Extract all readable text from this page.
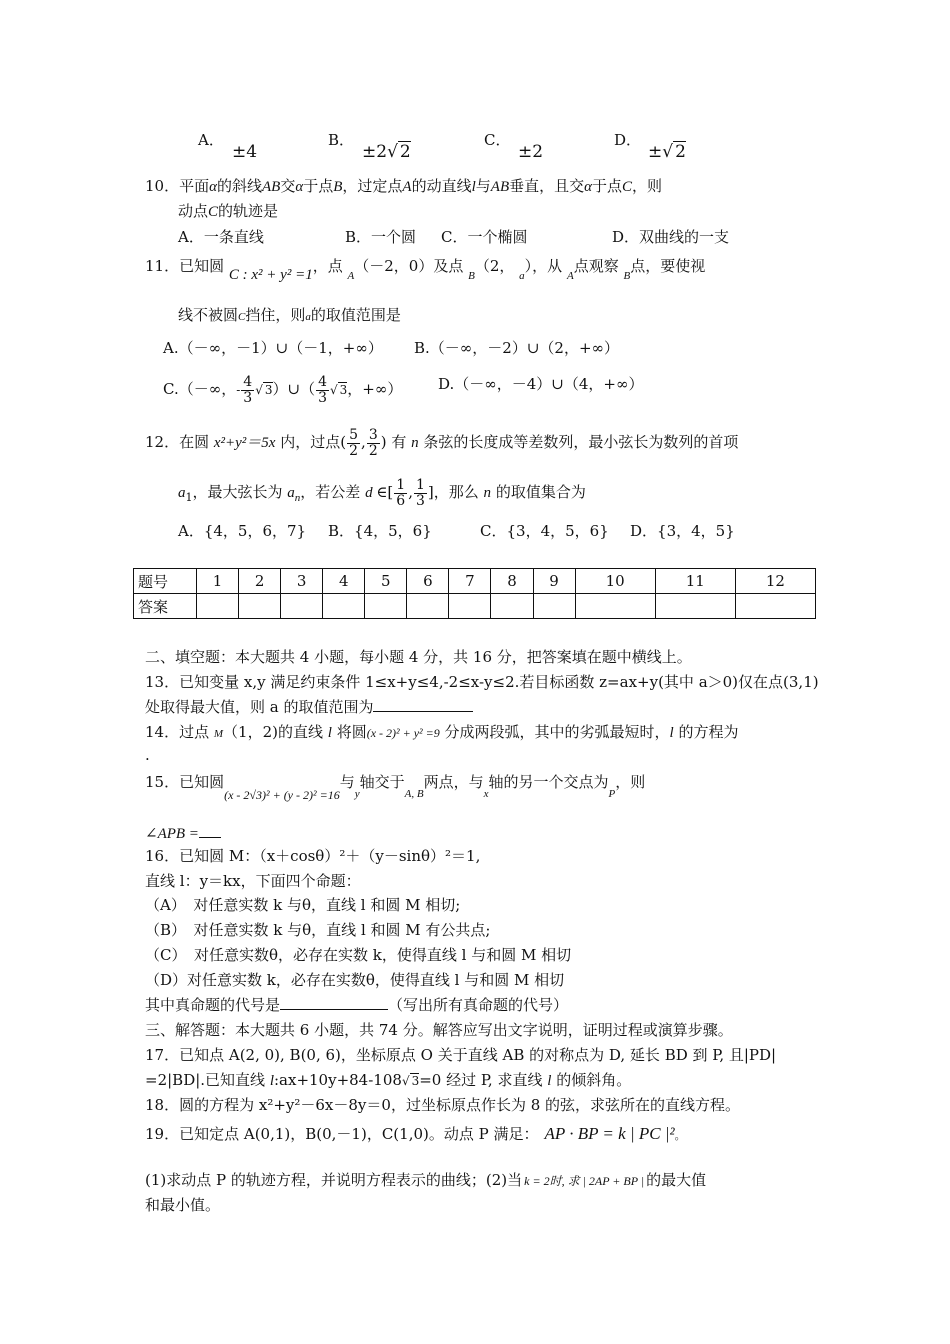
A．
±4
B．
±2√ 2
C．
±2
D．
±√ 2
10．平面α的斜线AB交α于点B，过定点A的动直线l与AB垂直，且交α于点C，则
动点C的轨迹是
A．一条直线	B．一个圆 C．一个椭圆	D．双曲线的一支
11．已知圆 C : x² + y² =1，点 $_A$（－2，0）及点 $_B$（2， $_a$），从 $_A$点观察 $_B$点，要使视
线不被圆C挡住，则a的取值范围是
A.（－∞，－1）∪（－1，+∞） B.（－∞，－2）∪（2，+∞）
C.（－∞，- $\frac{4}{3}$ √ 3）∪（ $\frac{4}{3}$ √ 3，+∞） D.（－∞，－4）∪（4，+∞）
12．在圆 x²+y²＝5x 内，过点( $\frac{5}{2}$ , $\frac{3}{2}$ ) 有 n 条弦的长度成等差数列，最小弦长为数列的首项
$a_1$，最大弦长为 $a_n$，若公差 d ∈[ $\frac{1}{6}$ , $\frac{1}{3}$ ]，那么 n 的取值集合为
A．{4，5，6，7} B．{4，5，6}	C．{3，4，5，6} D．{3，4，5}
题号	1	2	3	4	5	6	7	8	9	10	11	12
答案												
二、填空题：本大题共 4 小题，每小题 4 分，共 16 分，把答案填在题中横线上。
13．已知变量 x,y 满足约束条件 1≤x+y≤4,-2≤x-y≤2.若目标函数 z=ax+y(其中 a＞0)仅在点(3,1)
处取得最大值，则 a 的取值范围为
14．过点 M（1，2)的直线 l 将圆(x - 2)² + y² =9 分成两段弧，其中的劣弧最短时，l 的方程为
.
15．已知圆$_{(x - 2√3)^2 + (y - 2)^2 =16}$与$_y$轴交于$_{A, B}$两点，与$_x$轴的另一个交点为$_P$，则
∠APB =
16．已知圆 M：（x＋cosθ）²＋（y－sinθ）²＝1,
直线 l：y＝kx，下面四个命题：
（A）　对任意实数 k 与θ，直线 l 和圆 M 相切;
（B）　对任意实数 k 与θ，直线 l 和圆 M 有公共点;
（C）　对任意实数θ，必存在实数 k，使得直线 l 与和圆 M 相切
（D）对任意实数 k，必存在实数θ，使得直线 l 与和圆 M 相切
其中真命题的代号是	（写出所有真命题的代号）
三、解答题：本大题共 6 小题，共 74 分。解答应写出文字说明，证明过程或演算步骤。
17．已知点 A(2, 0), B(0, 6)，坐标原点 O 关于直线 AB 的对称点为 D, 延长 BD 到 P, 且|PD|
=2|BD|.已知直线 l:ax+10y+84-108√ 3=0 经过 P, 求直线 l 的倾斜角。
18．圆的方程为 x²+y²－6x－8y＝0，过坐标原点作长为 8 的弦，求弦所在的直线方程。
19．已知定点 A(0,1)，B(0,－1)，C(1,0)。动点 P 满足： AP · BP = k | PC |²。
(1)求动点 P 的轨迹方程，并说明方程表示的曲线；(2)当 k = 2时, 求 | 2AP + BP | 的最大值
和最小值。
